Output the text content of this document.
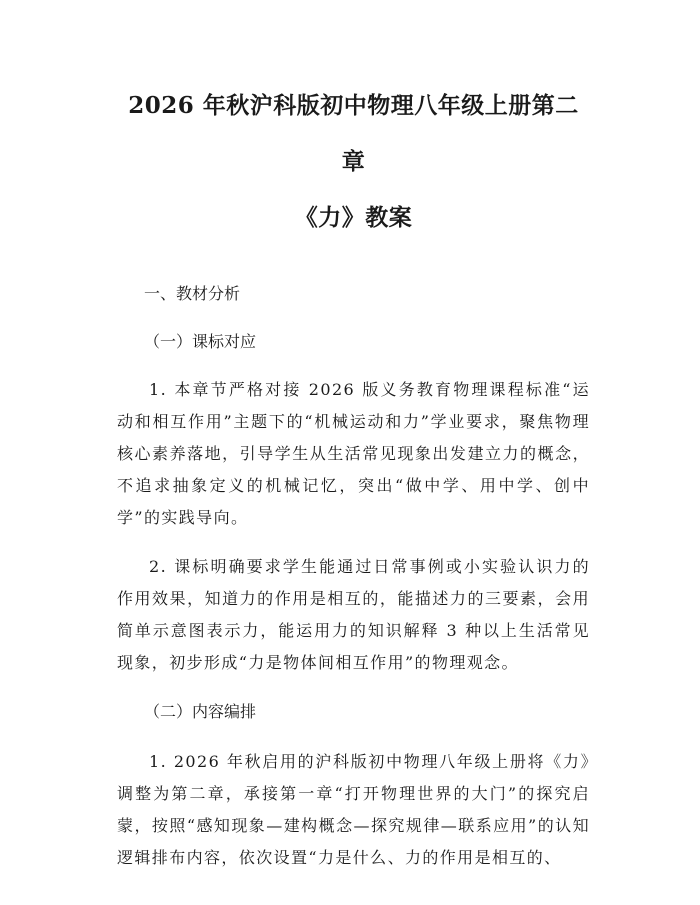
2026 年秋沪科版初中物理八年级上册第二章
《力》教案

一、教材分析

（一）课标对应

1. 本章节严格对接 2026 版义务教育物理课程标准“运动和相互作用”主题下的“机械运动和力”学业要求，聚焦物理核心素养落地，引导学生从生活常见现象出发建立力的概念，不追求抽象定义的机械记忆，突出“做中学、用中学、创中学”的实践导向。

2. 课标明确要求学生能通过日常事例或小实验认识力的作用效果，知道力的作用是相互的，能描述力的三要素，会用简单示意图表示力，能运用力的知识解释 3 种以上生活常见现象，初步形成“力是物体间相互作用”的物理观念。

（二）内容编排

1. 2026 年秋启用的沪科版初中物理八年级上册将《力》调整为第二章，承接第一章“打开物理世界的大门”的探究启蒙，按照“感知现象—建构概念—探究规律—联系应用”的认知逻辑排布内容，依次设置“力是什么、力的作用是相互的、
